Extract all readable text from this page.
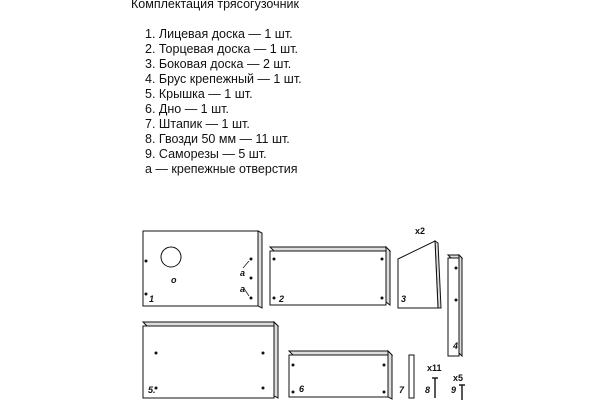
Комплектация трясогузочник
1. Лицевая доска — 1 шт.
2. Торцевая доска — 1 шт.
3. Боковая доска — 2 шт.
4. Брус крепежный — 1 шт.
5. Крышка — 1 шт.
6. Дно — 1 шт.
7. Штапик — 1 шт.
8. Гвозди 50 мм — 11 шт.
9. Саморезы — 5 шт.
а — крепежные отверстия
1
o
a
a
2	3
x2
4
5.	6	7 8
x11
9
x5
